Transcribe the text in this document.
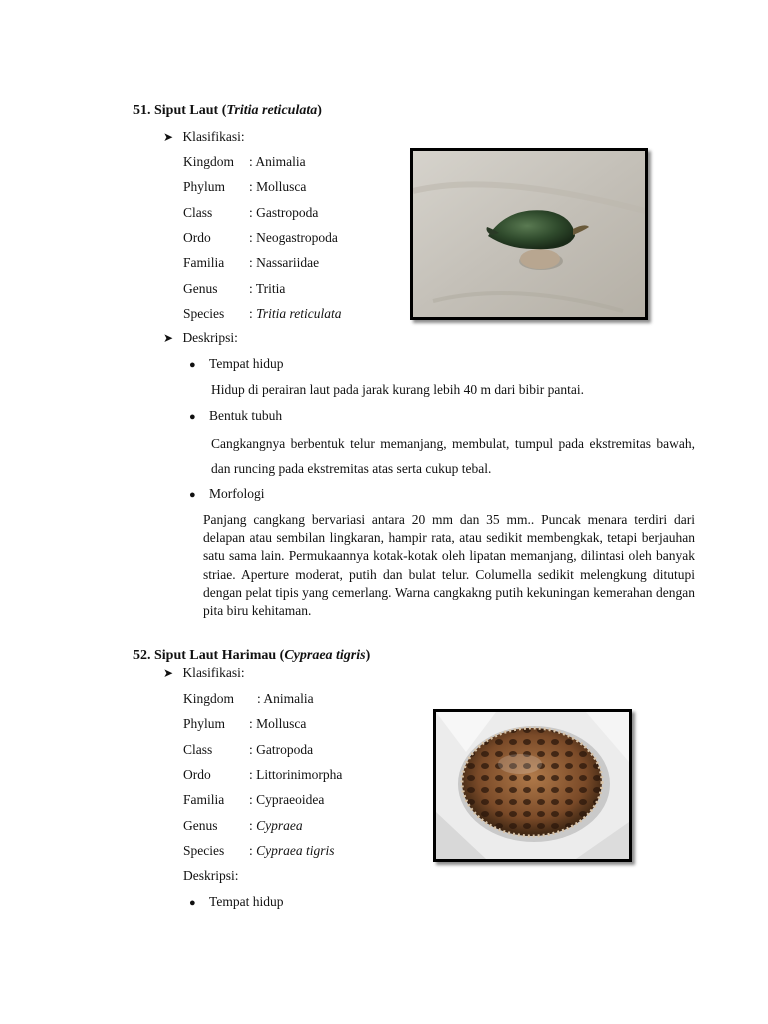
51. Siput Laut (Tritia reticulata)
➤ Klasifikasi:
Kingdom : Animalia
Phylum : Mollusca
Class	: Gastropoda
Ordo	: Neogastropoda
Familia : Nassariidae
Genus : Tritia
Species : Tritia reticulata
➤ Deskripsi:
● Tempat hidup
Hidup di perairan laut pada jarak kurang lebih 40 m dari bibir pantai.
● Bentuk tubuh
Cangkangnya berbentuk telur memanjang, membulat, tumpul pada ekstremitas bawah, dan runcing pada ekstremitas atas serta cukup tebal.
● Morfologi
Panjang cangkang bervariasi antara 20 mm dan 35 mm.. Puncak menara terdiri dari delapan atau sembilan lingkaran, hampir rata, atau sedikit membengkak, tetapi berjauhan satu sama lain. Permukaannya kotak-kotak oleh lipatan memanjang, dilintasi oleh banyak striae. Aperture moderat, putih dan bulat telur. Columella sedikit melengkung ditutupi dengan pelat tipis yang cemerlang. Warna cangkakng putih kekuningan kemerahan dengan pita biru kehitaman.
52. Siput Laut Harimau (Cypraea tigris)
➤ Klasifikasi:
Kingdom : Animalia
Phylum : Mollusca
Class	: Gatropoda
Ordo	: Littorinimorpha
Familia : Cypraeoidea
Genus : Cypraea
Species : Cypraea tigris
Deskripsi:
● Tempat hidup
